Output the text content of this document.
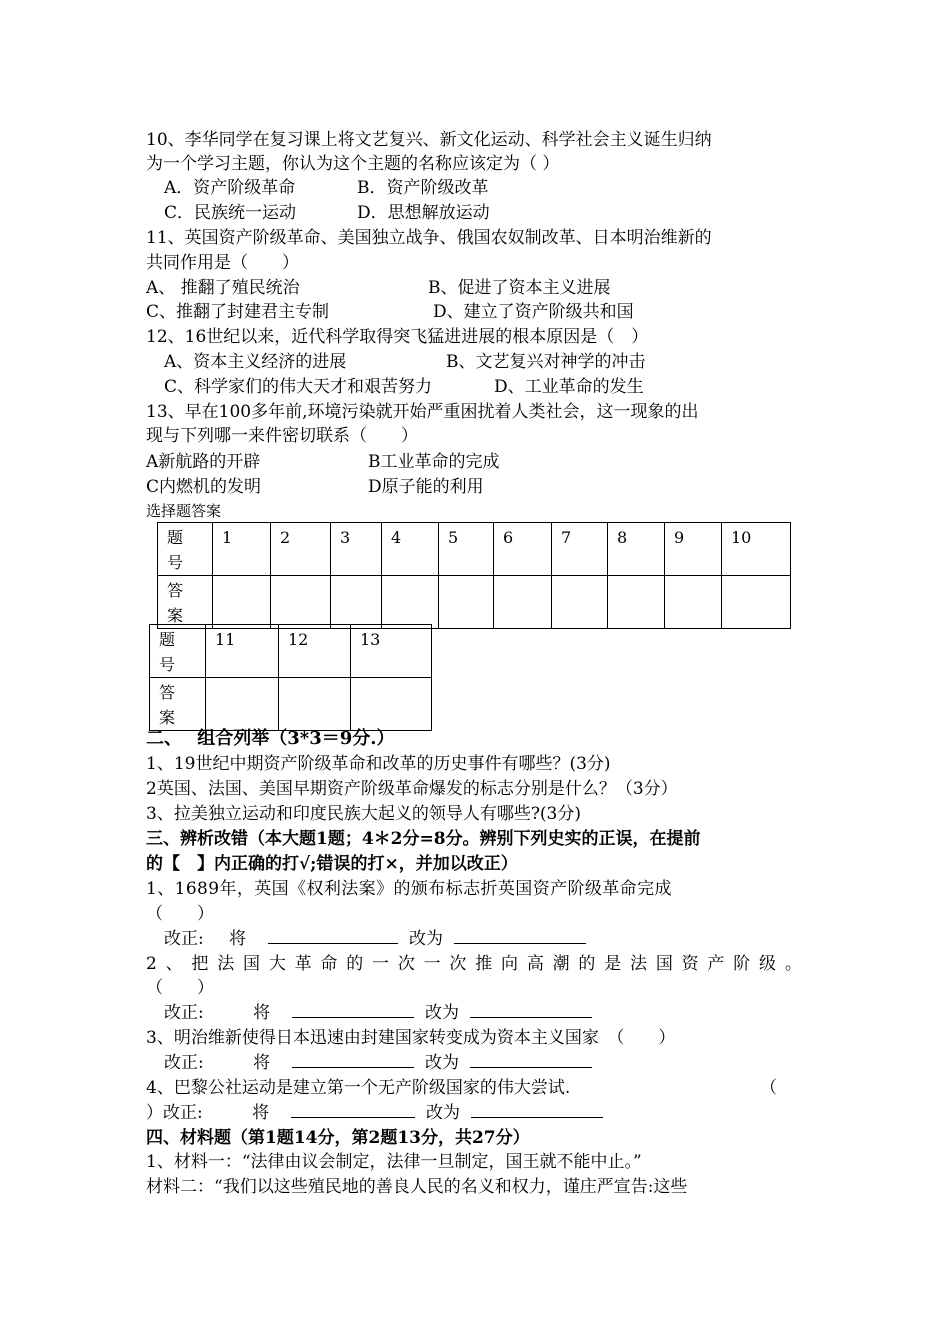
10、李华同学在复习课上将文艺复兴、新文化运动、科学社会主义诞生归纳
为一个学习主题，你认为这个主题的名称应该定为（ ）
A．资产阶级革命	B．资产阶级改革
C．民族统一运动	D．思想解放运动
11、英国资产阶级革命、美国独立战争、俄国农奴制改革、日本明治维新的
共同作用是（　　）
A、 推翻了殖民统治	B、促进了资本主义进展
C、推翻了封建君主专制	D、建立了资产阶级共和国
12、16世纪以来，近代科学取得突飞猛进进展的根本原因是（　）
A、资本主义经济的进展	B、文艺复兴对神学的冲击
C、科学家们的伟大天才和艰苦努力	D、工业革命的发生
13、早在100多年前,环境污染就开始严重困扰着人类社会，这一现象的出
现与下列哪一来件密切联系（　　）
A新航路的开辟	B工业革命的完成
C内燃机的发明	D原子能的利用
选择题答案
题
号	1	2	3	4	5	6	7	8	9	10

答
案										

题
号	11	12	13

答
案			

二、　 组合列举（3*3＝9分.）
1、19世纪中期资产阶级革命和改革的历史事件有哪些？(3分)
2英国、法国、美国早期资产阶级革命爆发的标志分别是什么？（3分）
3、拉美独立运动和印度民族大起义的领导人有哪些?(3分)
三、辨析改错（本大题1题；4＊2分=8分。辨别下列史实的正误，在提前
的【　】内正确的打√;错误的打×，并加以改正）
1、1689年，英国《权利法案》的颁布标志折英国资产阶级革命完成
（　　）
改正: 将	改为
2、把法国大革命的一次一次推向高潮的是法国资产阶级。
（　　）
改正:	将	改为
3、明治维新使得日本迅速由封建国家转变成为资本主义国家　（　　）
改正:	将	改为
4、巴黎公社运动是建立第一个无产阶级国家的伟大尝试.	（
）改正:	将	改为
四、材料题（第1题14分，第2题13分，共27分）
1、材料一：“法律由议会制定，法律一旦制定，国王就不能中止。”
材料二：“我们以这些殖民地的善良人民的名义和权力，谨庄严宣告:这些
